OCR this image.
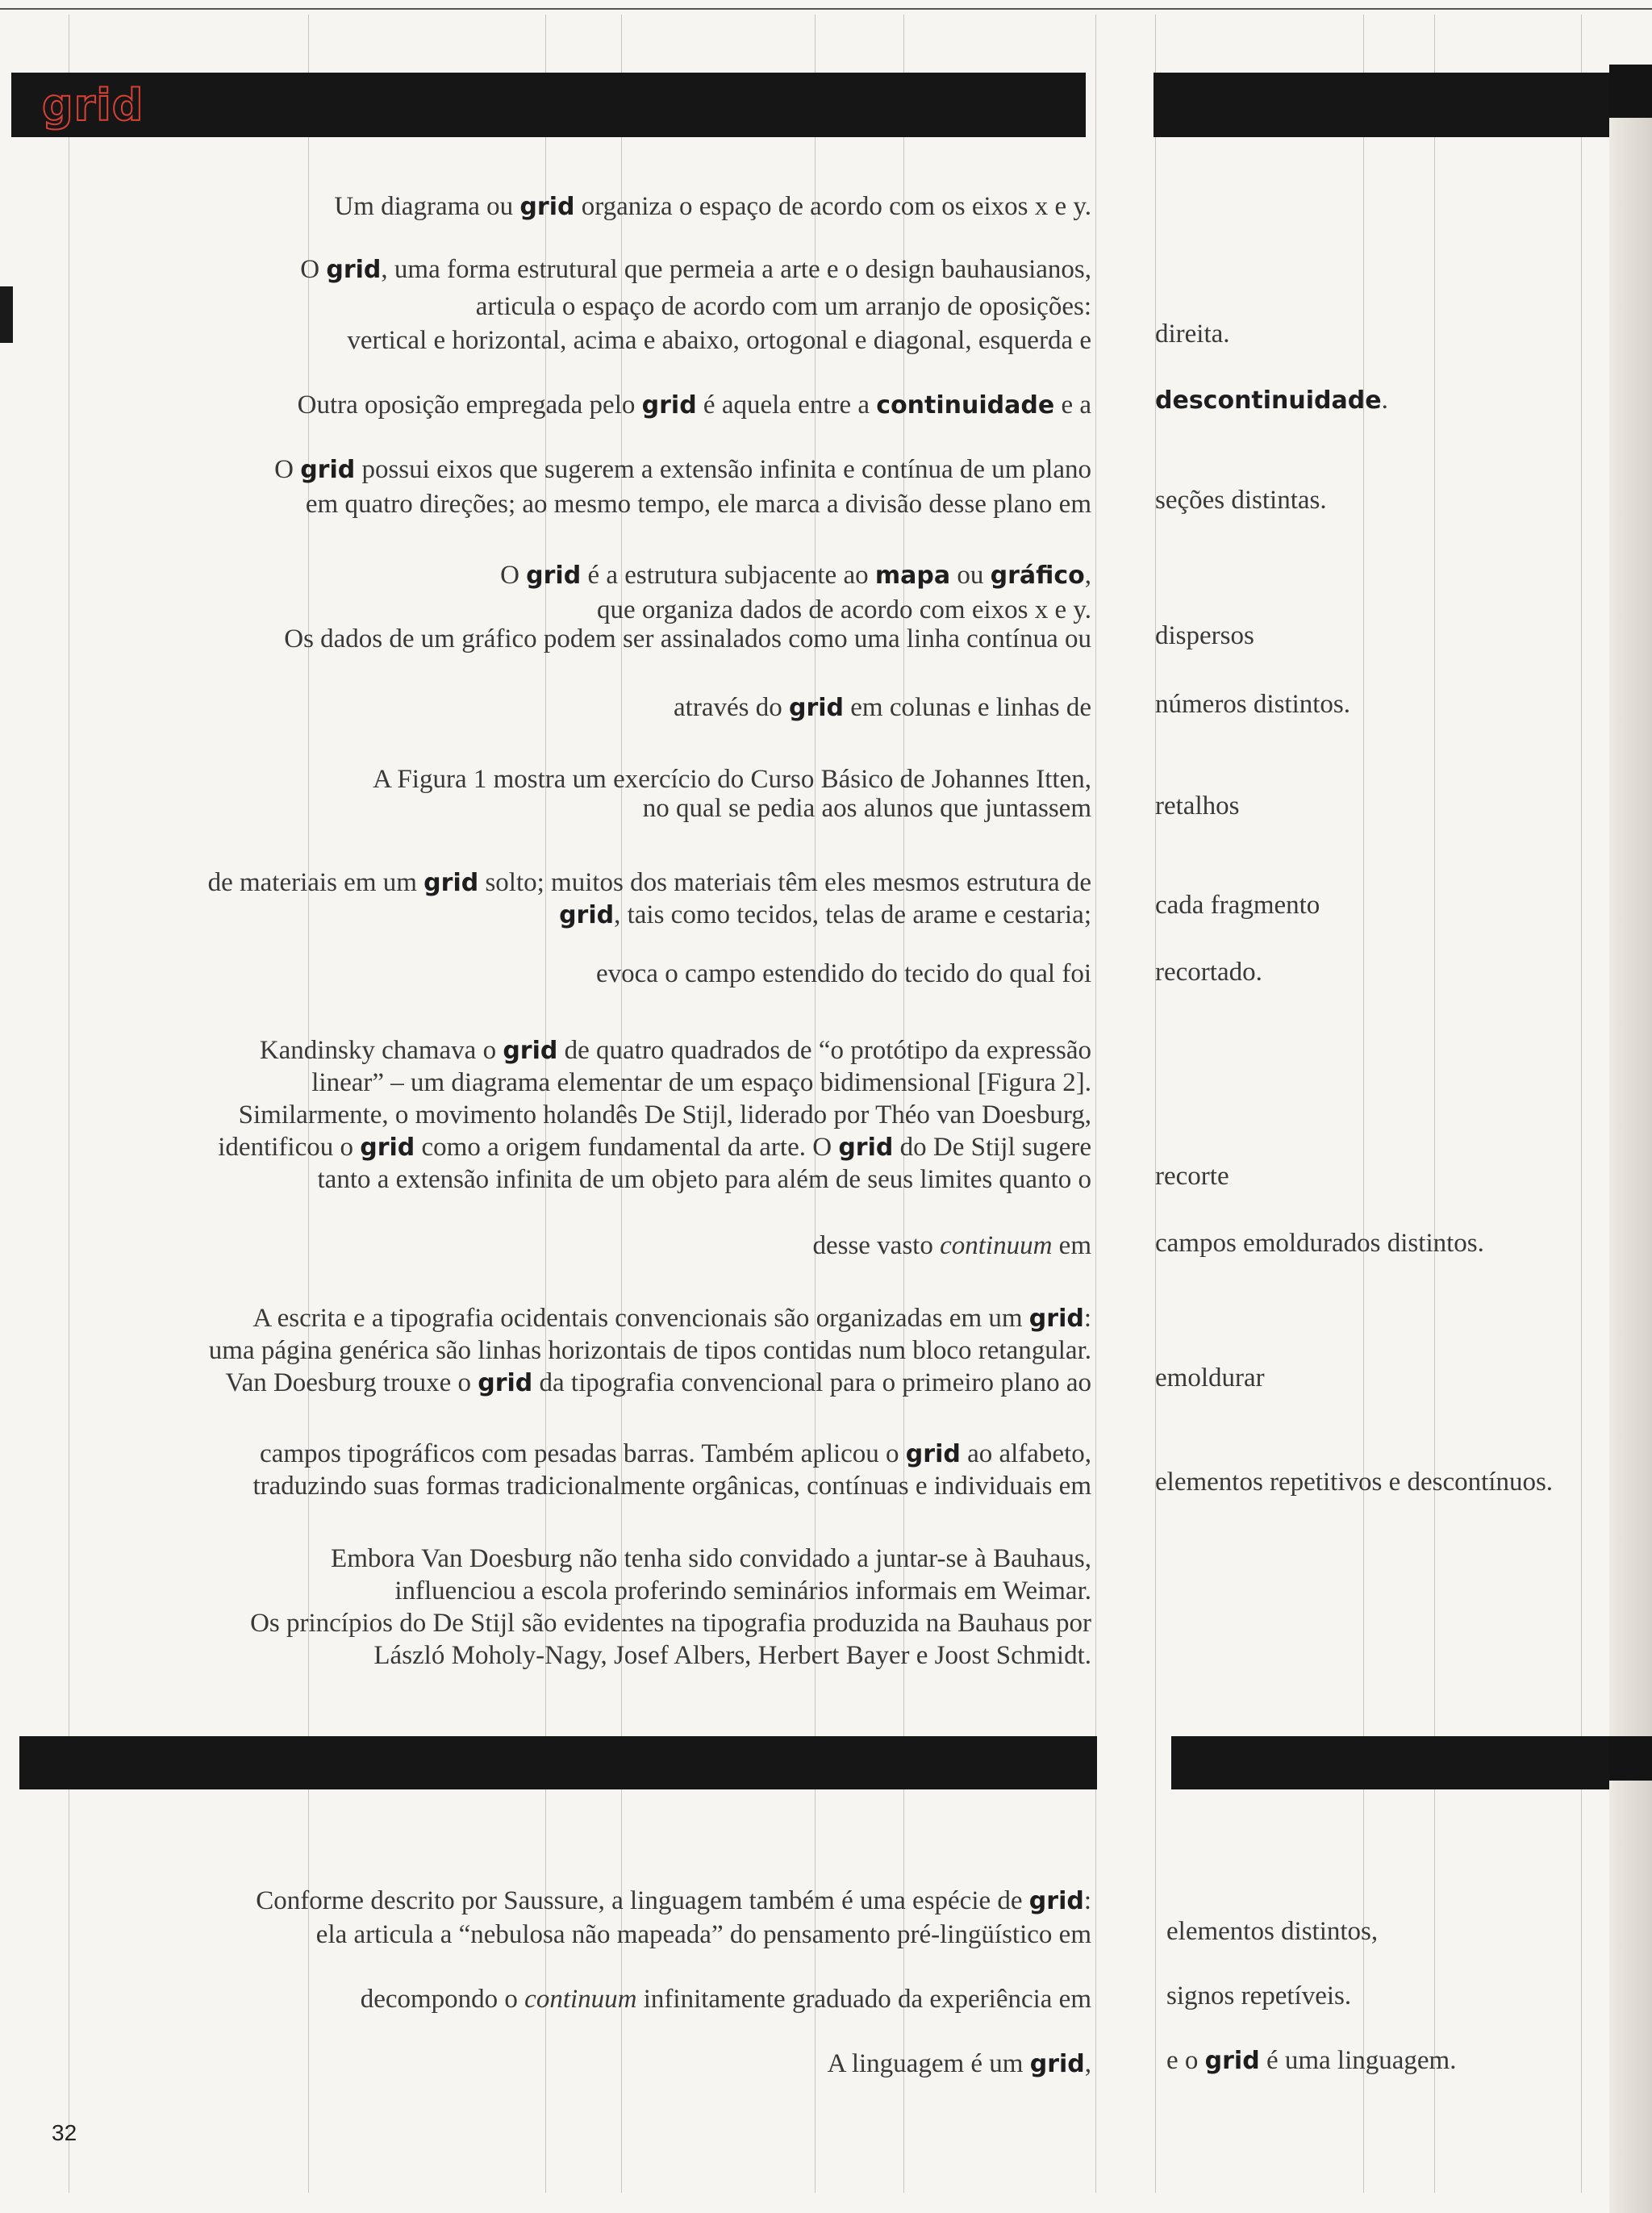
grid
Um diagrama ou grid organiza o espaço de acordo com os eixos x e y.
O grid, uma forma estrutural que permeia a arte e o design bauhausianos,
articula o espaço de acordo com um arranjo de oposições:
vertical e horizontal, acima e abaixo, ortogonal e diagonal, esquerda e
Outra oposição empregada pelo grid é aquela entre a continuidade e a
O grid possui eixos que sugerem a extensão infinita e contínua de um plano
em quatro direções; ao mesmo tempo, ele marca a divisão desse plano em
O grid é a estrutura subjacente ao mapa ou gráfico,
que organiza dados de acordo com eixos x e y.
Os dados de um gráfico podem ser assinalados como uma linha contínua ou
através do grid em colunas e linhas de
A Figura 1 mostra um exercício do Curso Básico de Johannes Itten,
no qual se pedia aos alunos que juntassem
de materiais em um grid solto; muitos dos materiais têm eles mesmos estrutura de
grid, tais como tecidos, telas de arame e cestaria;
evoca o campo estendido do tecido do qual foi
Kandinsky chamava o grid de quatro quadrados de “o protótipo da expressão
linear” – um diagrama elementar de um espaço bidimensional [Figura 2].
Similarmente, o movimento holandês De Stijl, liderado por Théo van Doesburg,
identificou o grid como a origem fundamental da arte. O grid do De Stijl sugere
tanto a extensão infinita de um objeto para além de seus limites quanto o
desse vasto continuum em
A escrita e a tipografia ocidentais convencionais são organizadas em um grid:
uma página genérica são linhas horizontais de tipos contidas num bloco retangular.
Van Doesburg trouxe o grid da tipografia convencional para o primeiro plano ao
campos tipográficos com pesadas barras. Também aplicou o grid ao alfabeto,
traduzindo suas formas tradicionalmente orgânicas, contínuas e individuais em
Embora Van Doesburg não tenha sido convidado a juntar-se à Bauhaus,
influenciou a escola proferindo seminários informais em Weimar.
Os princípios do De Stijl são evidentes na tipografia produzida na Bauhaus por
László Moholy-Nagy, Josef Albers, Herbert Bayer e Joost Schmidt.
direita.
descontinuidade.
seções distintas.
dispersos
números distintos.
retalhos
cada fragmento
recortado.
recorte
campos emoldurados distintos.
emoldurar
elementos repetitivos e descontínuos.
Conforme descrito por Saussure, a linguagem também é uma espécie de grid:
ela articula a “nebulosa não mapeada” do pensamento pré-lingüístico em
decompondo o continuum infinitamente graduado da experiência em
A linguagem é um grid,
elementos distintos,
signos repetíveis.
e o grid é uma linguagem.
32
